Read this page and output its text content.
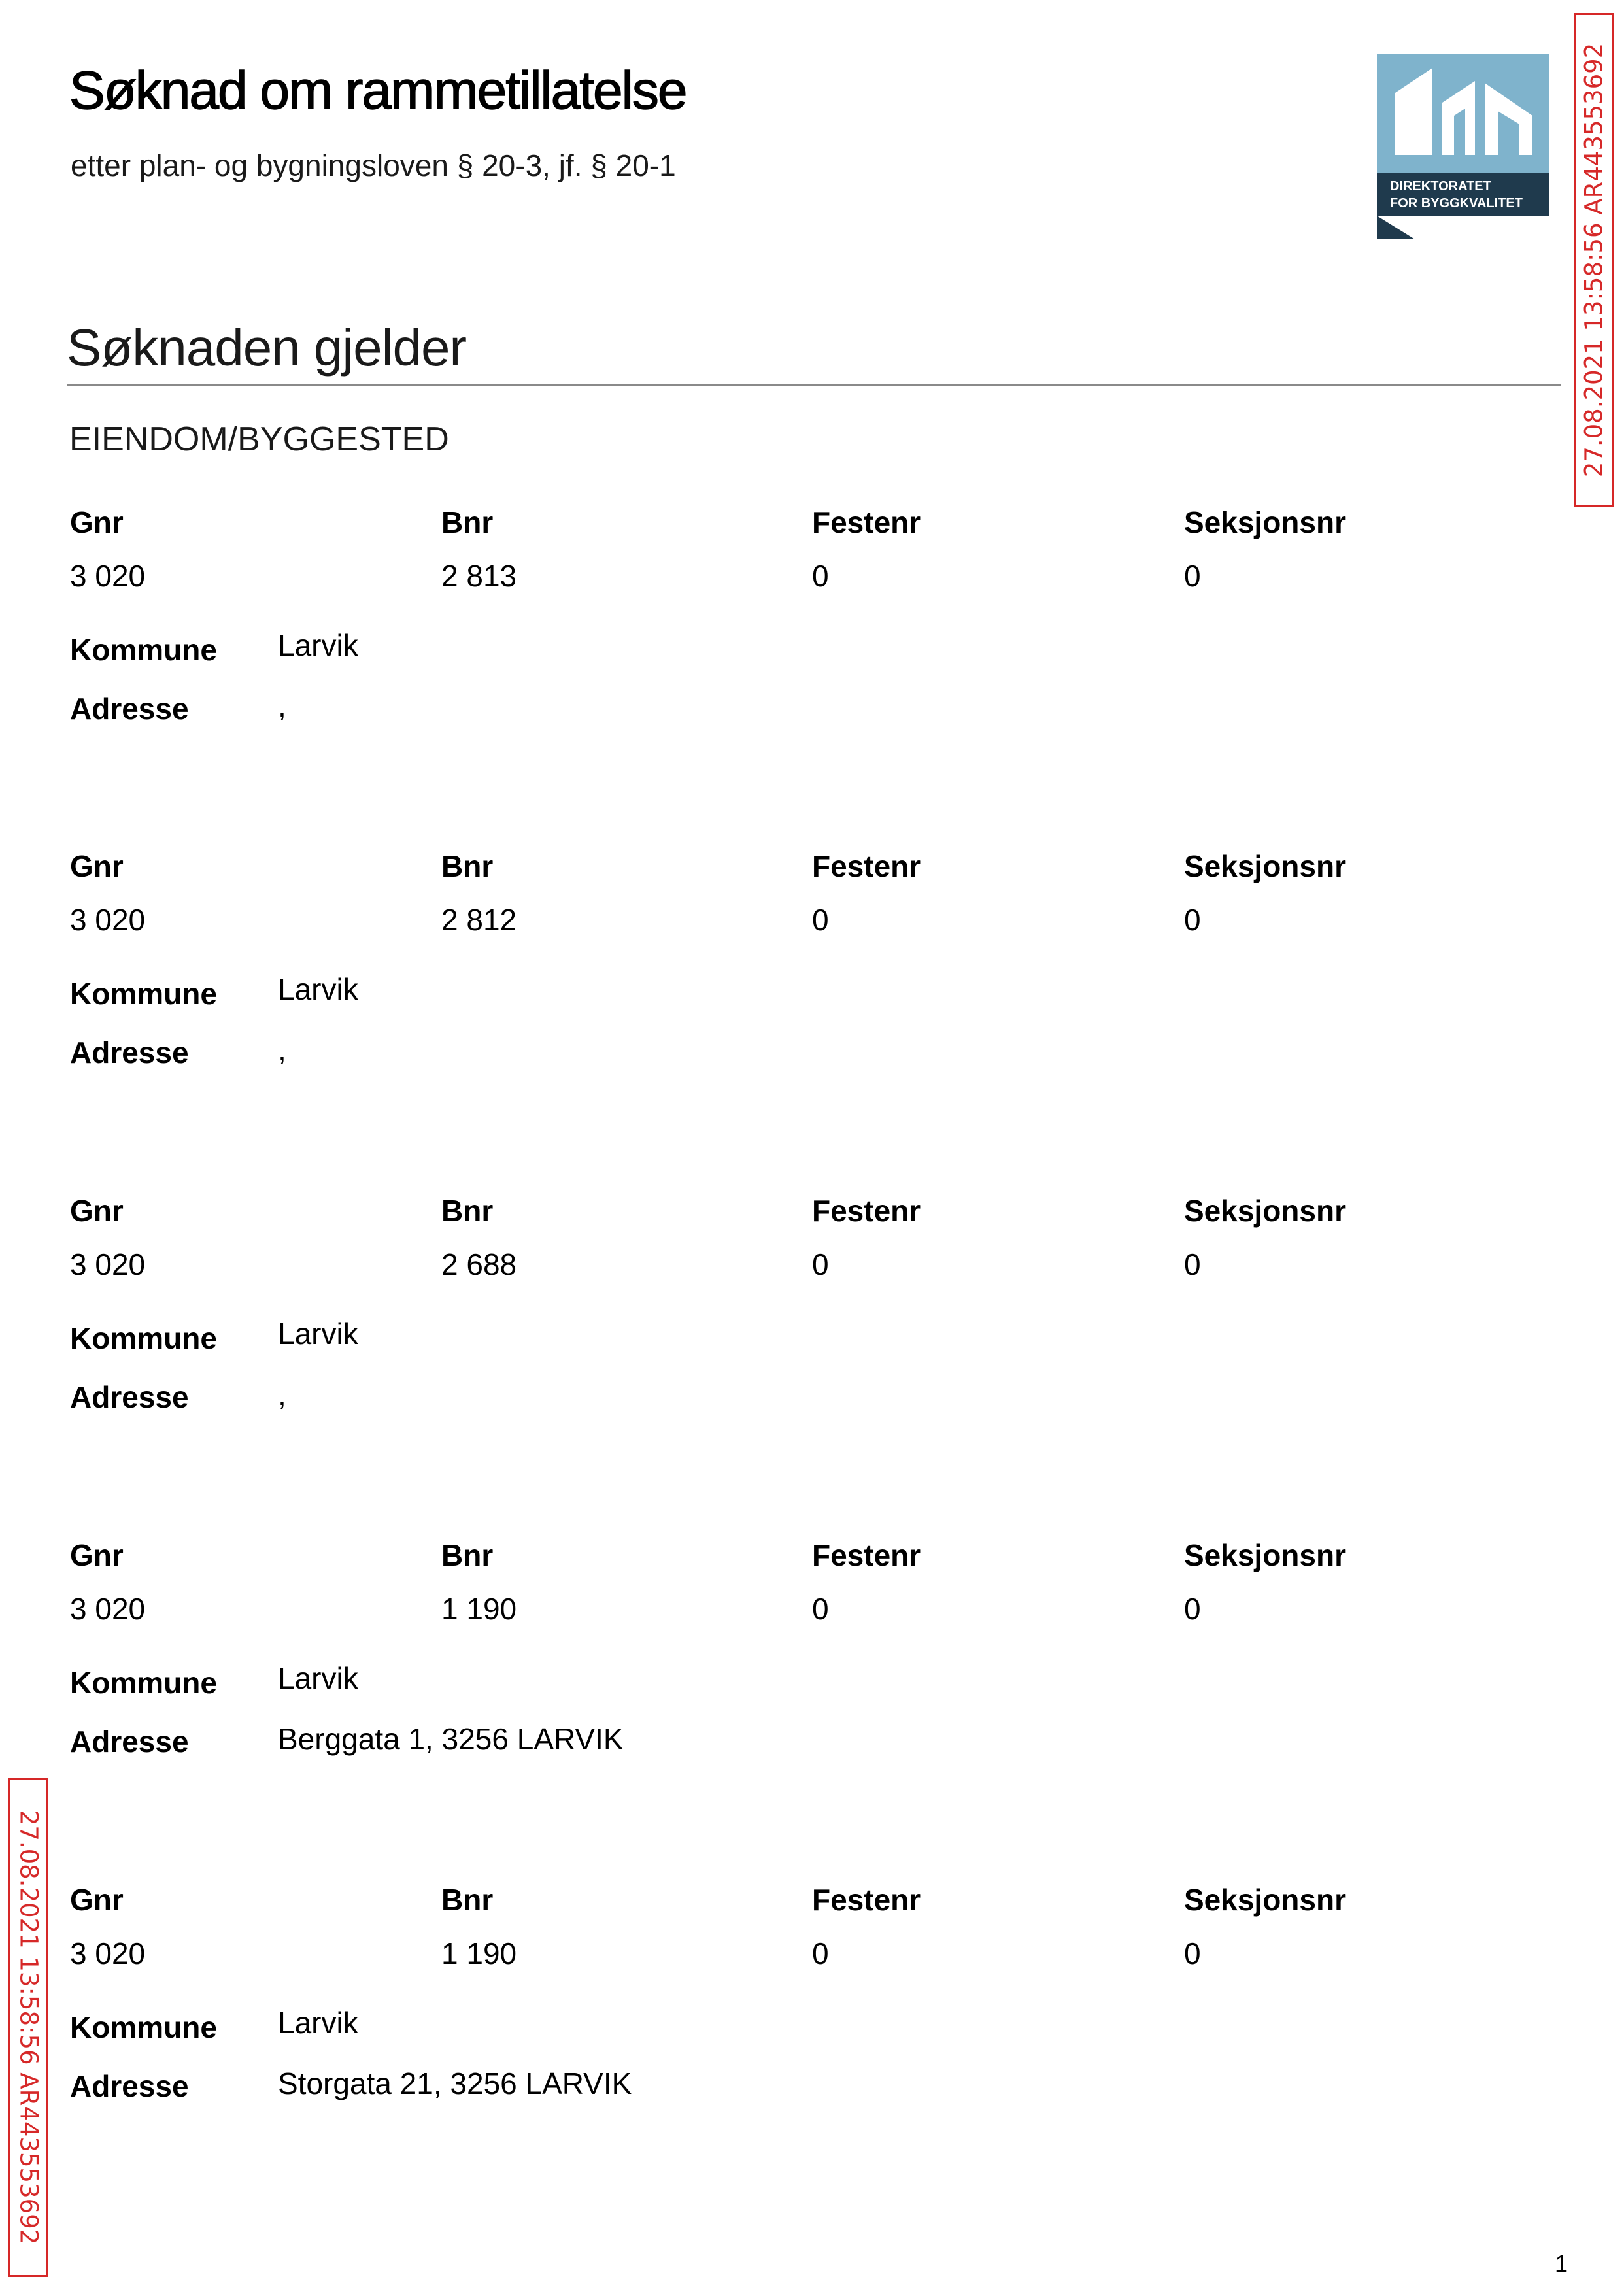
Søknad om rammetillatelse

etter plan- og bygningsloven § 20-3, jf. § 20-1

DIREKTORATET
FOR BYGGKVALITET 27.08.2021 13:58:56 AR443553692
Søknaden gjelder
EIENDOM/BYGGESTED
Gnr	Bnr	Festenr	Seksjonsnr
3 020	2 813	0	0
Kommune Larvik
Adresse	,
Gnr	Bnr	Festenr	Seksjonsnr
3 020	2 812	0	0
Kommune Larvik
Adresse	,
Gnr	Bnr	Festenr	Seksjonsnr
3 020	2 688	0	0
Kommune Larvik
Adresse	,
Gnr	Bnr	Festenr	Seksjonsnr
3 020	1 190	0	0
Kommune Larvik
Adresse	Berggata 1, 3256 LARVIK
Gnr	Bnr	Festenr	Seksjonsnr
3 020	1 190	0	0
Kommune Larvik
Adresse	Storgata 21, 3256 LARVIK
27.08.2021 13:58:56 AR443553692
1
